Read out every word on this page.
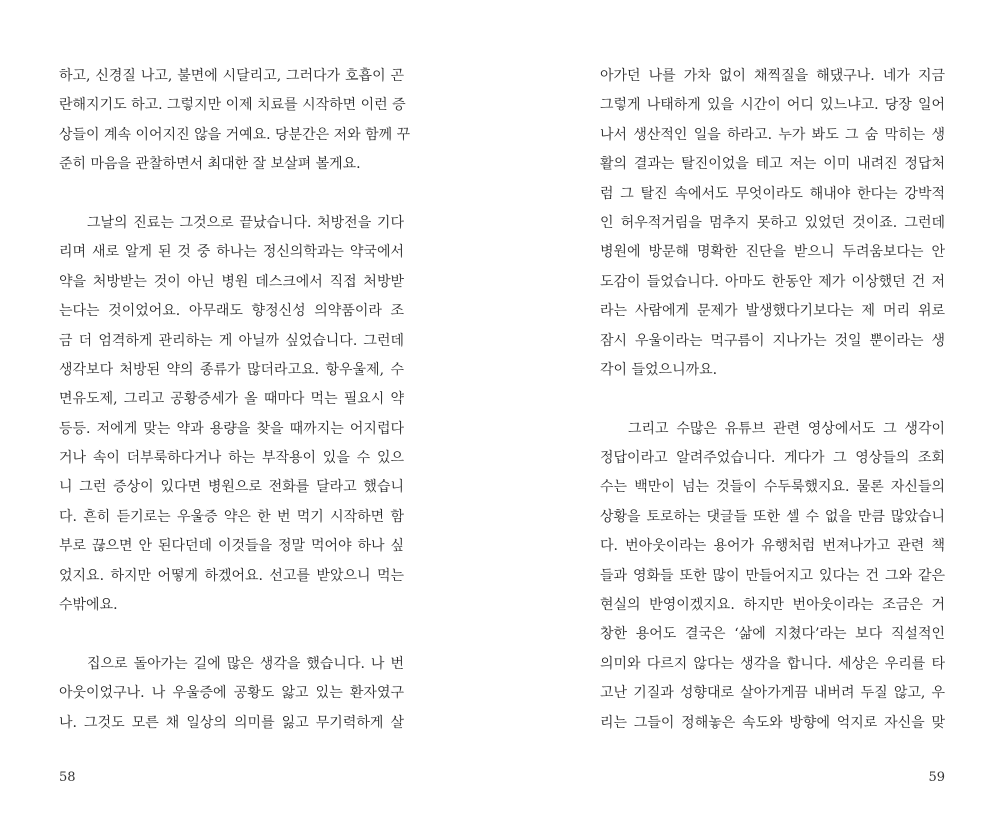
하고, 신경질 나고, 불면에 시달리고, 그러다가 호흡이 곤
란해지기도 하고. 그렇지만 이제 치료를 시작하면 이런 증
상들이 계속 이어지진 않을 거예요. 당분간은 저와 함께 꾸
준히 마음을 관찰하면서 최대한 잘 보살펴 볼게요.

그날의 진료는 그것으로 끝났습니다. 처방전을 기다
리며 새로 알게 된 것 중 하나는 정신의학과는 약국에서
약을 처방받는 것이 아닌 병원 데스크에서 직접 처방받
는다는 것이었어요. 아무래도 향정신성 의약품이라 조
금 더 엄격하게 관리하는 게 아닐까 싶었습니다. 그런데
생각보다 처방된 약의 종류가 많더라고요. 항우울제, 수
면유도제, 그리고 공황증세가 올 때마다 먹는 필요시 약
등등. 저에게 맞는 약과 용량을 찾을 때까지는 어지럽다
거나 속이 더부룩하다거나 하는 부작용이 있을 수 있으
니 그런 증상이 있다면 병원으로 전화를 달라고 했습니
다. 흔히 듣기로는 우울증 약은 한 번 먹기 시작하면 함
부로 끊으면 안 된다던데 이것들을 정말 먹어야 하나 싶
었지요. 하지만 어떻게 하겠어요. 선고를 받았으니 먹는
수밖에요.

집으로 돌아가는 길에 많은 생각을 했습니다. 나 번
아웃이었구나. 나 우울증에 공황도 앓고 있는 환자였구
나. 그것도 모른 채 일상의 의미를 잃고 무기력하게 살

58

아가던 나를 가차 없이 채찍질을 해댔구나. 네가 지금
그렇게 나태하게 있을 시간이 어디 있느냐고. 당장 일어
나서 생산적인 일을 하라고. 누가 봐도 그 숨 막히는 생
활의 결과는 탈진이었을 테고 저는 이미 내려진 정답처
럼 그 탈진 속에서도 무엇이라도 해내야 한다는 강박적
인 허우적거림을 멈추지 못하고 있었던 것이죠. 그런데
병원에 방문해 명확한 진단을 받으니 두려움보다는 안
도감이 들었습니다. 아마도 한동안 제가 이상했던 건 저
라는 사람에게 문제가 발생했다기보다는 제 머리 위로
잠시 우울이라는 먹구름이 지나가는 것일 뿐이라는 생
각이 들었으니까요.

그리고 수많은 유튜브 관련 영상에서도 그 생각이
정답이라고 알려주었습니다. 게다가 그 영상들의 조회
수는 백만이 넘는 것들이 수두룩했지요. 물론 자신들의
상황을 토로하는 댓글들 또한 셀 수 없을 만큼 많았습니
다. 번아웃이라는 용어가 유행처럼 번져나가고 관련 책
들과 영화들 또한 많이 만들어지고 있다는 건 그와 같은
현실의 반영이겠지요. 하지만 번아웃이라는 조금은 거
창한 용어도 결국은 ‘삶에 지쳤다’라는 보다 직설적인
의미와 다르지 않다는 생각을 합니다. 세상은 우리를 타
고난 기질과 성향대로 살아가게끔 내버려 두질 않고, 우
리는 그들이 정해놓은 속도와 방향에 억지로 자신을 맞

59
